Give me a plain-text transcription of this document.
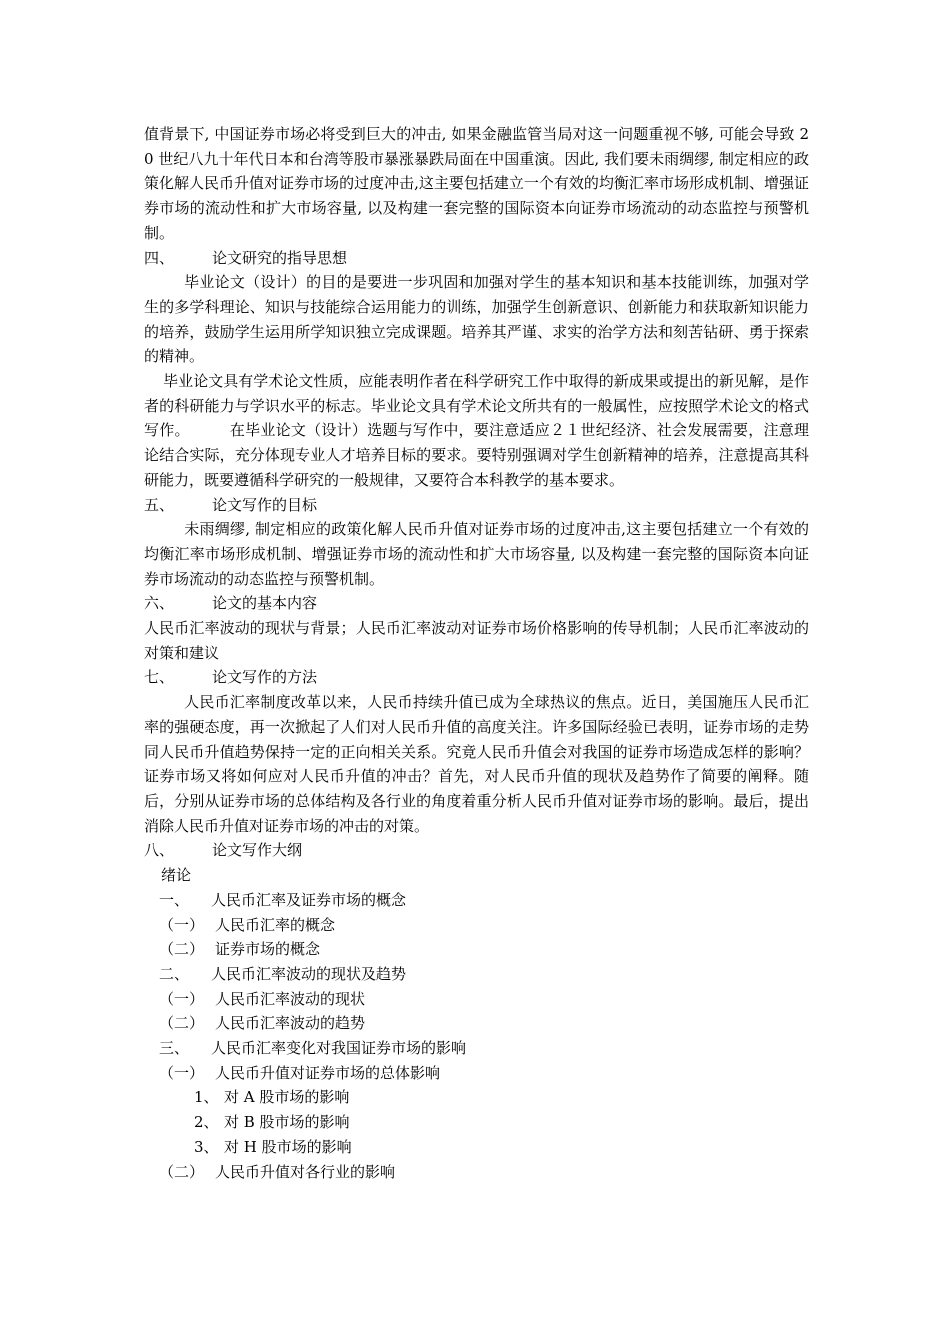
值背景下, 中国证券市场必将受到巨大的冲击, 如果金融监管当局对这一问题重视不够, 可能会导致 20 世纪八九十年代日本和台湾等股市暴涨暴跌局面在中国重演。因此, 我们要未雨绸缪, 制定相应的政策化解人民币升值对证券市场的过度冲击,这主要包括建立一个有效的均衡汇率市场形成机制、增强证券市场的流动性和扩大市场容量, 以及构建一套完整的国际资本向证券市场流动的动态监控与预警机制。

四、	论文研究的指导思想

毕业论文（设计）的目的是要进一步巩固和加强对学生的基本知识和基本技能训练，加强对学生的多学科理论、知识与技能综合运用能力的训练，加强学生创新意识、创新能力和获取新知识能力的培养，鼓励学生运用所学知识独立完成课题。培养其严谨、求实的治学方法和刻苦钻研、勇于探索的精神。

毕业论文具有学术论文性质，应能表明作者在科学研究工作中取得的新成果或提出的新见解，是作者的科研能力与学识水平的标志。毕业论文具有学术论文所共有的一般属性，应按照学术论文的格式写作。        在毕业论文（设计）选题与写作中，要注意适应２１世纪经济、社会发展需要，注意理论结合实际，充分体现专业人才培养目标的要求。要特别强调对学生创新精神的培养，注意提高其科研能力，既要遵循科学研究的一般规律，又要符合本科教学的基本要求。

五、	论文写作的目标

未雨绸缪, 制定相应的政策化解人民币升值对证券市场的过度冲击,这主要包括建立一个有效的均衡汇率市场形成机制、增强证券市场的流动性和扩大市场容量, 以及构建一套完整的国际资本向证券市场流动的动态监控与预警机制。

六、	论文的基本内容

人民币汇率波动的现状与背景；人民币汇率波动对证券市场价格影响的传导机制；人民币汇率波动的对策和建议

七、	论文写作的方法

人民币汇率制度改革以来，人民币持续升值已成为全球热议的焦点。近日，美国施压人民币汇率的强硬态度，再一次掀起了人们对人民币升值的高度关注。许多国际经验已表明，证券市场的走势同人民币升值趋势保持一定的正向相关关系。究竟人民币升值会对我国的证券市场造成怎样的影响？证券市场又将如何应对人民币升值的冲击？首先，对人民币升值的现状及趋势作了简要的阐释。随后，分别从证券市场的总体结构及各行业的角度着重分析人民币升值对证券市场的影响。最后，提出消除人民币升值对证券市场的冲击的对策。

八、	论文写作大纲

绪论

一、 人民币汇率及证券市场的概念

（一） 人民币汇率的概念

（二） 证券市场的概念

二、 人民币汇率波动的现状及趋势

（一） 人民币汇率波动的现状

（二） 人民币汇率波动的趋势

三、 人民币汇率变化对我国证券市场的影响

（一） 人民币升值对证券市场的总体影响

1、 对 A 股市场的影响

2、 对 B 股市场的影响

3、 对 H 股市场的影响

（二） 人民币升值对各行业的影响
